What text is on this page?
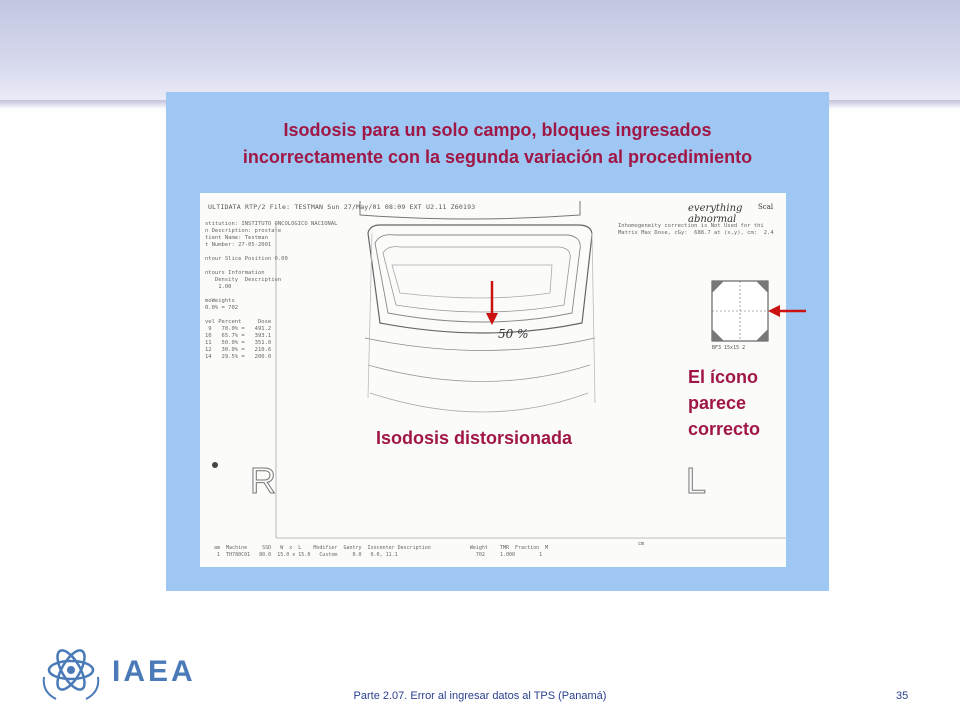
Isodosis para un solo campo, bloques ingresados
incorrectamente con la segunda variación al procedimiento
ULTIDATA RTP/2 File: TESTMAN Sun 27/May/01 08:09 EXT U2.11 Z60193
stitution: INSTITUTO ONCOLOGICO NACIONAL
n Description: prostate
tient Name: Testman
t Number: 27-05-2001

ntour Slice Position 0.00

ntours Information
Density  Description
1.00

moWeights
0.0% = 702

vel Percent     Dose
9   70.0% =   491.2
10   65.7% =   393.1
11   50.0% =   351.0
12   30.0% =   210.6
14   29.5% =   200.0
Inhomogeneity correction is Not Used for thi
Matrix Max Dose, cGy:  688.7 at (x,y), cm:  2.4
am  Machine     SSD   W  x  L    Modifier  Gantry  Isocenter Description             Weight    TMR  Fraction  M
1  TH780C01   80.0  15.0 x 15.0   Custom     0.0   0.0, 11.1                          702     1.000        1
everything abnormal
Scal
R	L
50 %
BF3 15x15 2
cm
Isodosis distorsionada
El ícono
parece
correcto
IAEA
Parte 2.07. Error al ingresar datos al TPS (Panamá)	35
